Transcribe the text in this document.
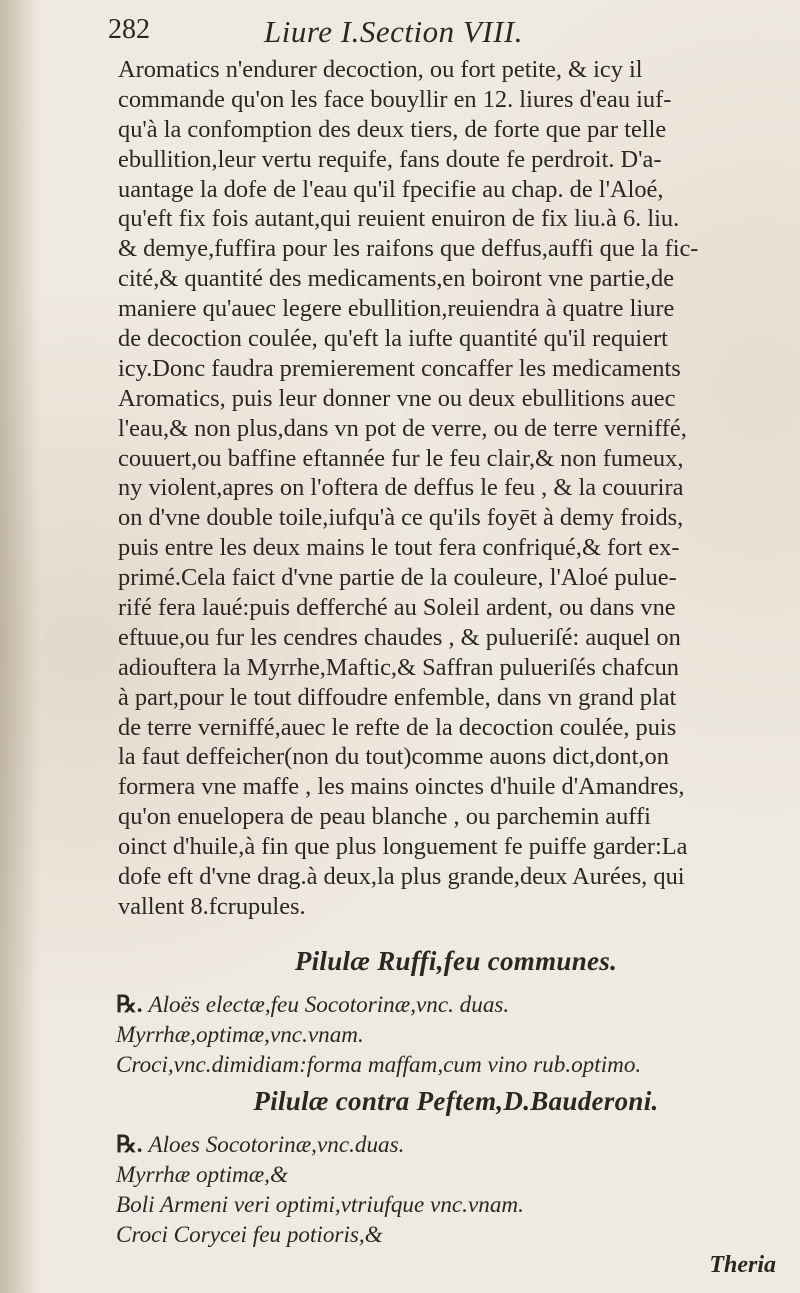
282	Liure I.Section VIII.
Aromatics n'endurer decoction, ou fort petite, & icy il
commande qu'on les face bouyllir en 12. liures d'eau iuf-
qu'à la confomption des deux tiers, de forte que par telle
ebullition,leur vertu requife, fans doute fe perdroit. D'a-
uantage la dofe de l'eau qu'il fpecifie au chap. de l'Aloé,
qu'eft fix fois autant,qui reuient enuiron de fix liu.à 6. liu.
& demye,fuffira pour les raifons que deffus,auffi que la fic-
cité,& quantité des medicaments,en boiront vne partie,de
maniere qu'auec legere ebullition,reuiendra à quatre liure
de decoction coulée, qu'eft la iufte quantité qu'il requiert
icy.Donc faudra premierement concaffer les medicaments
Aromatics, puis leur donner vne ou deux ebullitions auec
l'eau,& non plus,dans vn pot de verre, ou de terre verniffé,
couuert,ou baffine eftannée fur le feu clair,& non fumeux,
ny violent,apres on l'oftera de deffus le feu , & la couurira
on d'vne double toile,iufqu'à ce qu'ils foyēt à demy froids,
puis entre les deux mains le tout fera confriqué,& fort ex-
primé.Cela faict d'vne partie de la couleure, l'Aloé pulue-
rifé fera laué:puis defferché au Soleil ardent, ou dans vne
eftuue,ou fur les cendres chaudes , & pulueriſé: auquel on
adiouftera la Myrrhe,Maftic,& Saffran pulueriſés chafcun
à part,pour le tout diffoudre enfemble, dans vn grand plat
de terre verniffé,auec le refte de la decoction coulée, puis
la faut deffeicher(non du tout)comme auons dict,dont,on
formera vne maffe , les mains oinctes d'huile d'Amandres,
qu'on enuelopera de peau blanche , ou parchemin auffi
oinct d'huile,à fin que plus longuement fe puiffe garder:La
dofe eft d'vne drag.à deux,la plus grande,deux Aurées, qui
vallent 8.fcrupules.
Pilulæ Ruffi,feu communes.
℞. Aloës electæ,feu Socotorinæ,vnc. duas.
Myrrhæ,optimæ,vnc.vnam.
Croci,vnc.dimidiam:forma maffam,cum vino rub.optimo.
Pilulæ contra Peftem,D.Bauderoni.
℞. Aloes Socotorinæ,vnc.duas.
Myrrhæ optimæ,&
Boli Armeni veri optimi,vtriufque vnc.vnam.
Croci Corycei feu potioris,&
Theria
